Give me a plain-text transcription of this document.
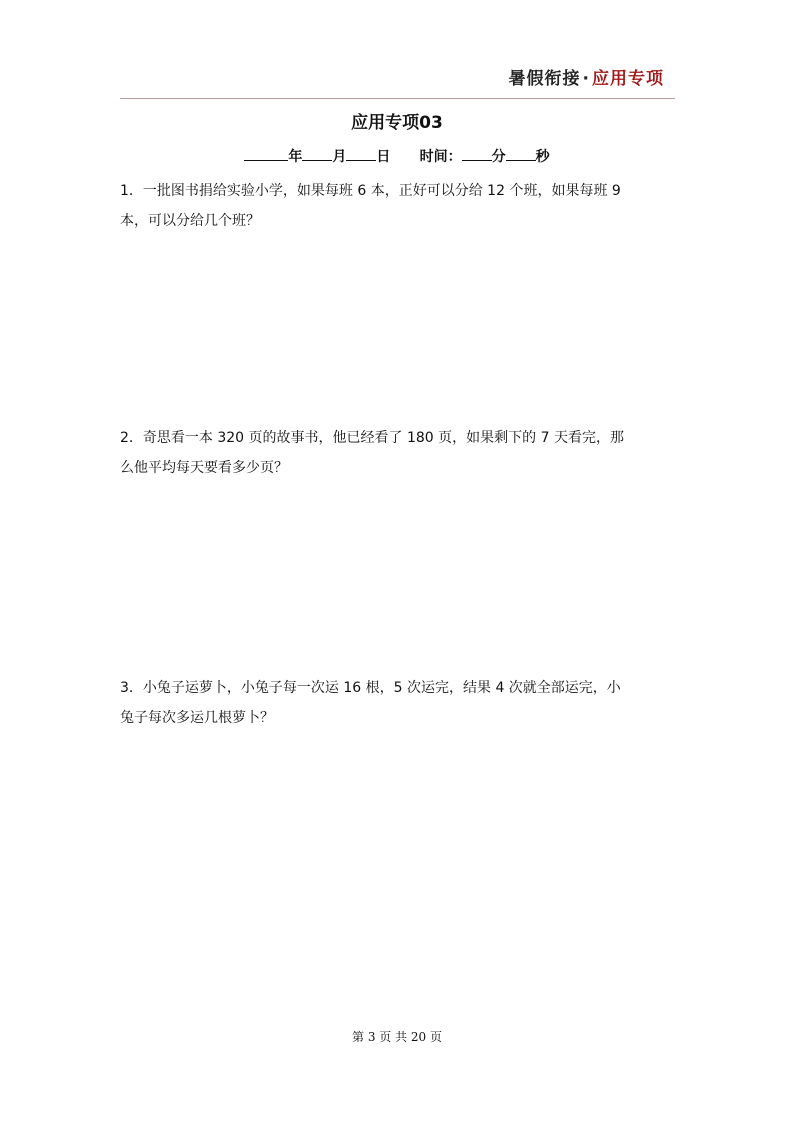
暑假衔接 · 应用专项
应用专项03
年 月 日 时间： 分 秒
1．一批图书捐给实验小学，如果每班 6 本，正好可以分给 12 个班，如果每班 9
本，可以分给几个班？
2．奇思看一本 320 页的故事书，他已经看了 180 页，如果剩下的 7 天看完，那
么他平均每天要看多少页？
3．小兔子运萝卜，小兔子每一次运 16 根，5 次运完，结果 4 次就全部运完，小
兔子每次多运几根萝卜？
第 3 页 共 20 页
